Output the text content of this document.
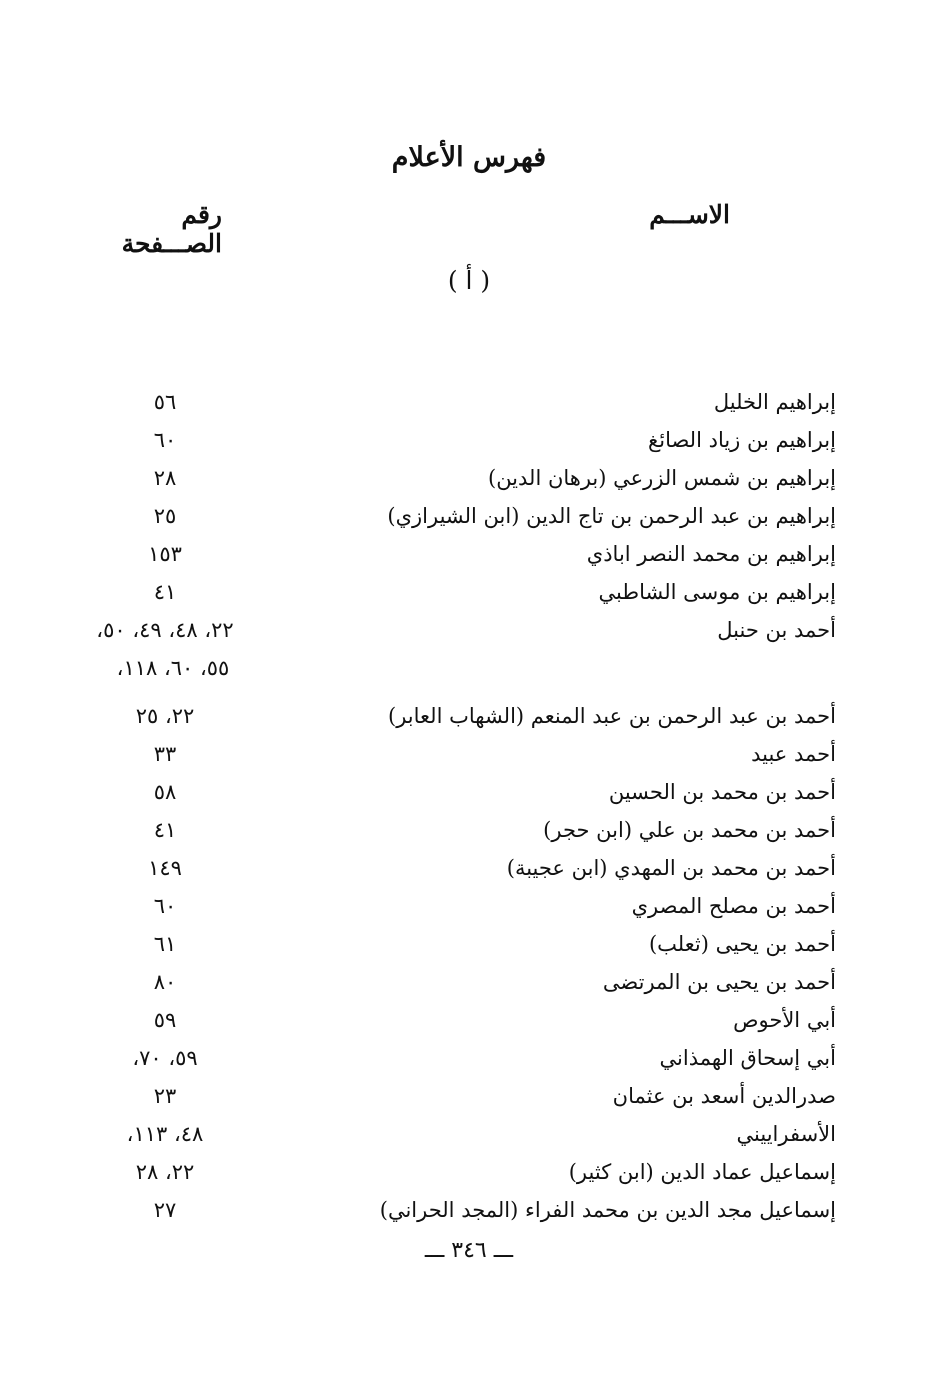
فهرس الأعلام
الاســـم
رقم الصـــفحة
( أ )
إبراهيم الخليل
٥٦
إبراهيم بن زياد الصائغ
٦٠
إبراهيم بن شمس الزرعي (برهان الدين)
٢٨
إبراهيم بن عبد الرحمن بن تاج الدين (ابن الشيرازي)
٢٥
إبراهيم بن محمد النصر اباذي
١٥٣
إبراهيم بن موسى الشاطبي
٤١
أحمد بن حنبل
٢٢، ٤٨، ٤٩، ٥٠،
٥٥، ٦٠، ١١٨،
أحمد بن عبد الرحمن بن عبد المنعم (الشهاب العابر)
٢٢، ٢٥
أحمد عبيد
٣٣
أحمد بن محمد بن الحسين
٥٨
أحمد بن محمد بن علي (ابن حجر)
٤١
أحمد بن محمد بن المهدي (ابن عجيبة)
١٤٩
أحمد بن مصلح المصري
٦٠
أحمد بن يحيى (ثعلب)
٦١
أحمد بن يحيى بن المرتضى
٨٠
أبي الأحوص
٥٩
أبي إسحاق الهمذاني
٥٩، ٧٠،
صدرالدين أسعد بن عثمان
٢٣
الأسفراييني
٤٨، ١١٣،
إسماعيل عماد الدين (ابن كثير)
٢٢، ٢٨
إسماعيل مجد الدين بن محمد الفراء (المجد الحراني)
٢٧
ـــ ٣٤٦ ـــ
